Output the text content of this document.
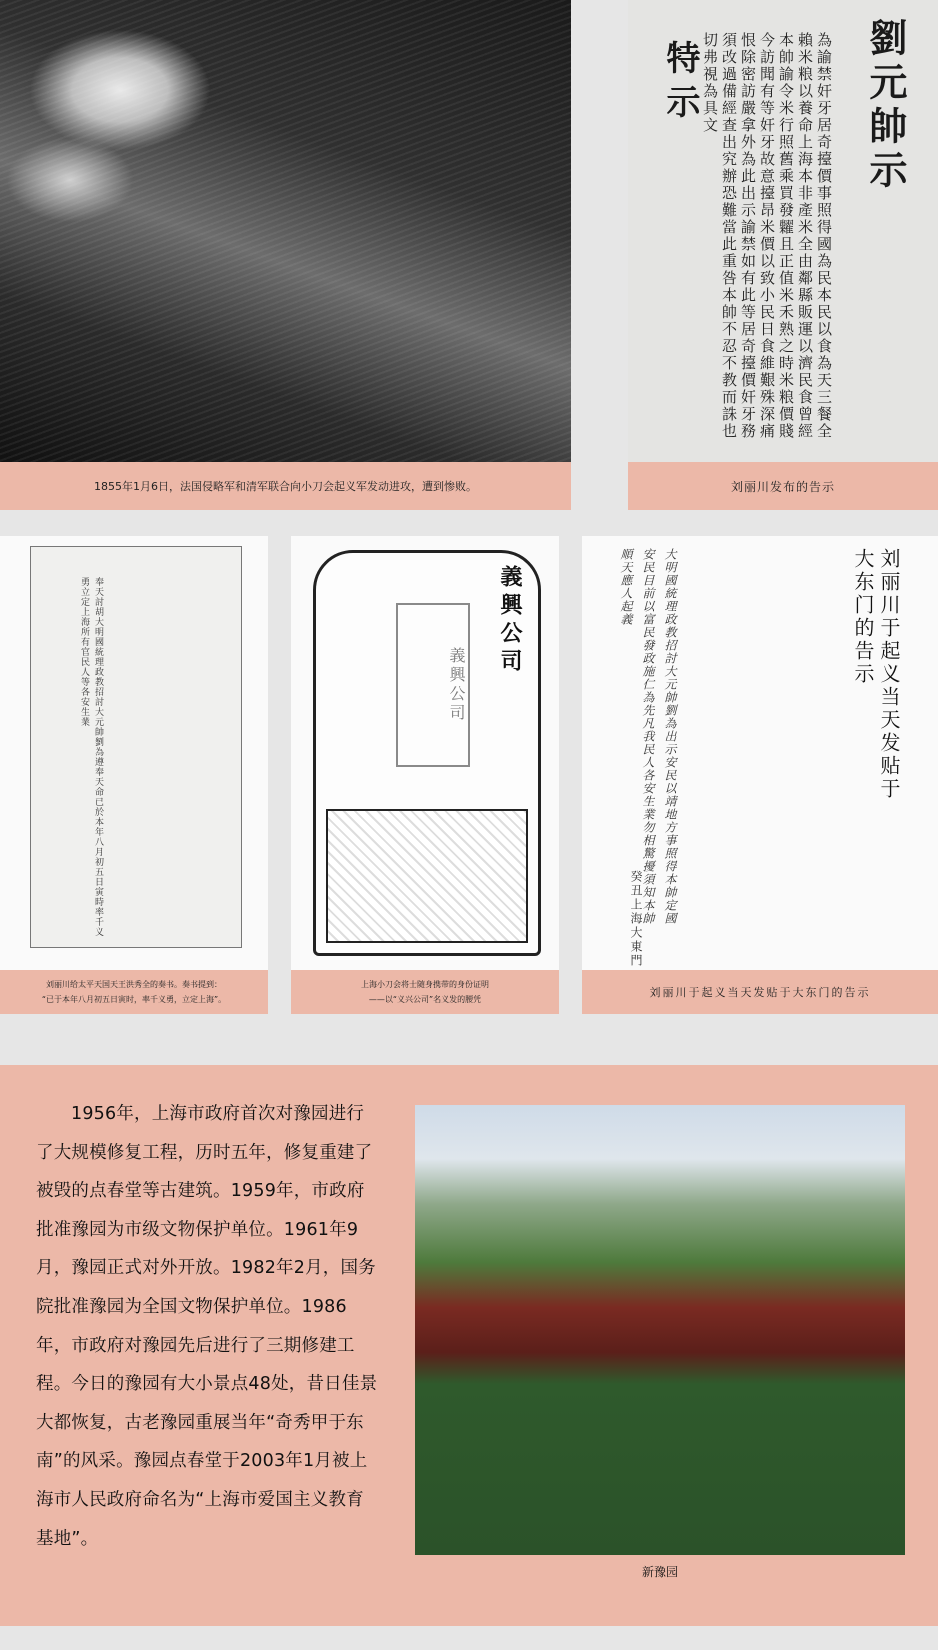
1855年1月6日，法国侵略军和清军联合向小刀会起义军发动进攻，遭到惨败。
劉元帥示
特示	為諭禁奸牙居奇擡價事照得國為民本民以食為天三餐全賴米粮以養命上海本非產米全由鄰縣販運以濟民食曾經本帥諭令米行照舊乘買發糶且正值米禾熟之時米粮價賤今訪聞有等奸牙故意擡昂米價以致小民日食維艱殊深痛恨除密訪嚴拿外為此出示諭禁如有此等居奇擡價奸牙務須改過備經查出究辦恐難當此重咎本帥不忍不教而誅也切弗視為具文
刘丽川发布的告示
奉天討胡大明國統理政教招討大元帥劉為遵奉天命已於本年八月初五日寅時率千义勇立定上海所有官民人等各安生業
刘丽川给太平天国天王洪秀全的奏书。奏书提到：
“已于本年八月初五日寅时，率千义勇，立定上海”。
義興公司
義興公司
上海小刀会将士随身携带的身份证明
——以“义兴公司”名义发的腰凭
刘丽川于起义当天发贴于大东门的告示
大明國統理政教招討大元帥劉為出示安民以靖地方事照得本帥定國安民目前以富民發政施仁為先凡我民人各安生業勿相驚擾須知本帥順天應人起義
癸丑上海大東門
刘丽川于起义当天发贴于大东门的告示
1956年，上海市政府首次对豫园进行了大规模修复工程，历时五年，修复重建了被毁的点春堂等古建筑。1959年，市政府批准豫园为市级文物保护单位。1961年9月，豫园正式对外开放。1982年2月，国务院批准豫园为全国文物保护单位。1986年，市政府对豫园先后进行了三期修建工程。今日的豫园有大小景点48处，昔日佳景大都恢复，古老豫园重展当年“奇秀甲于东南”的风采。豫园点春堂于2003年1月被上海市人民政府命名为“上海市爱国主义教育基地”。
新豫园
